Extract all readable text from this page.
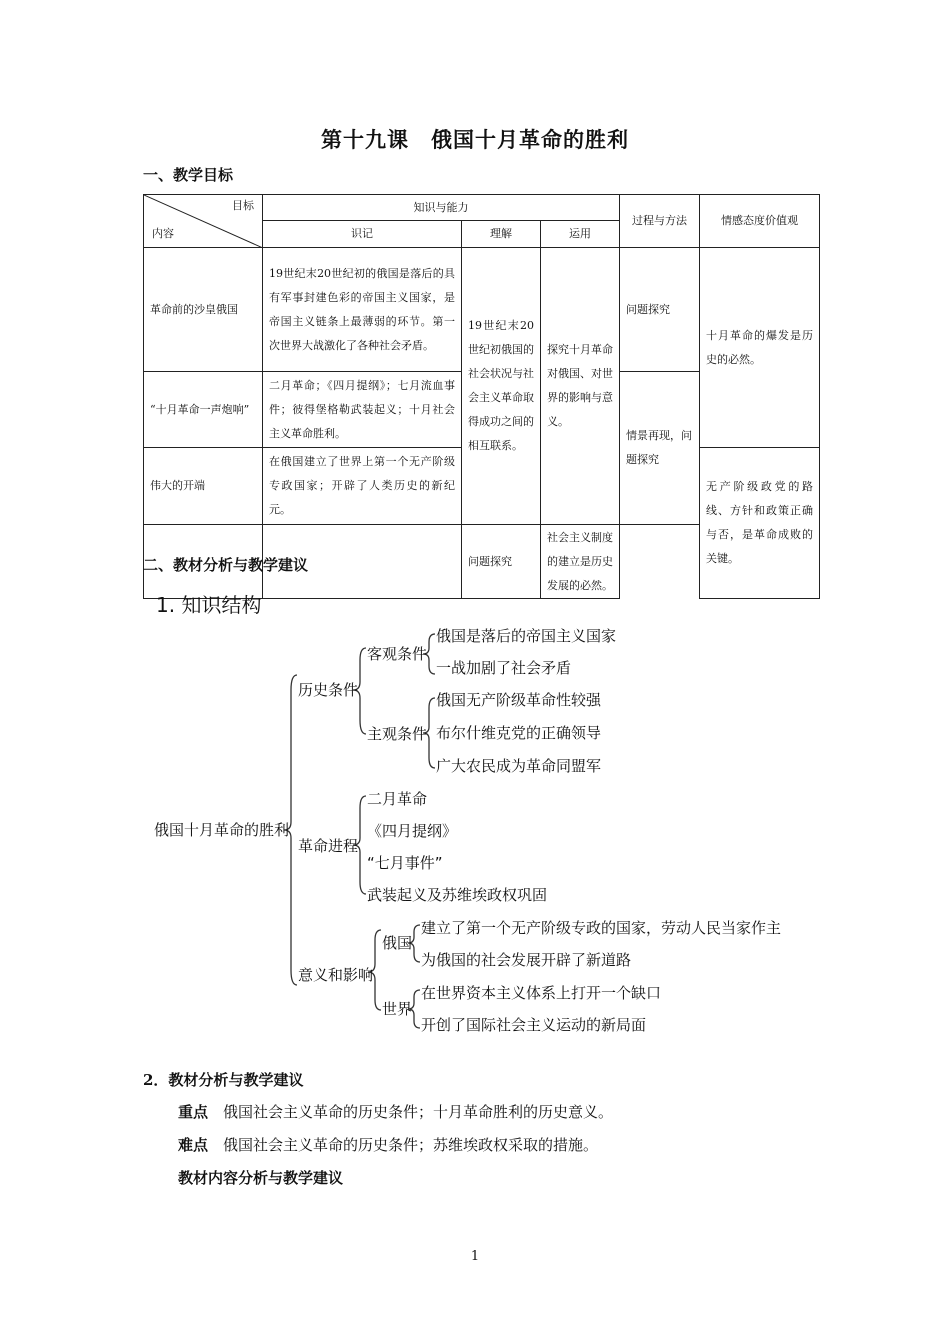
第十九课　俄国十月革命的胜利
一、教学目标
目标
内容	知识与能力			过程与方法	情感态度价值观
	识记	理解	运用		
革命前的沙皇俄国	19世纪末20世纪初的俄国是落后的具有军事封建色彩的帝国主义国家，是帝国主义链条上最薄弱的环节。第一次世界大战激化了各种社会矛盾。	19世纪末20世纪初俄国的社会状况与社会主义革命取得成功之间的相互联系。	探究十月革命对俄国、对世界的影响与意义。	问题探究	十月革命的爆发是历史的必然。
“十月革命一声炮响”	二月革命；《四月提纲》；七月流血事件；彼得堡格勒武装起义；十月社会主义革命胜利。			情景再现，问题探究	
伟大的开端	在俄国建立了世界上第一个无产阶级专政国家；开辟了人类历史的新纪元。				无产阶级政党的路线、方针和政策正确与否，是革命成败的关键。
		问题探究	社会主义制度的建立是历史发展的必然。		
二、教材分析与教学建议
1. 知识结构
俄国十月革命的胜利
历史条件
客观条件
俄国是落后的帝国主义国家
一战加剧了社会矛盾
主观条件
俄国无产阶级革命性较强
布尔什维克党的正确领导
广大农民成为革命同盟军
革命进程
二月革命
《四月提纲》
“七月事件”
武装起义及苏维埃政权巩固
意义和影响
俄国
建立了第一个无产阶级专政的国家，劳动人民当家作主
为俄国的社会发展开辟了新道路
世界
在世界资本主义体系上打开一个缺口
开创了国际社会主义运动的新局面
2．教材分析与教学建议
重点　 俄国社会主义革命的历史条件；十月革命胜利的历史意义。
难点　 俄国社会主义革命的历史条件；苏维埃政权采取的措施。
教材内容分析与教学建议
1
